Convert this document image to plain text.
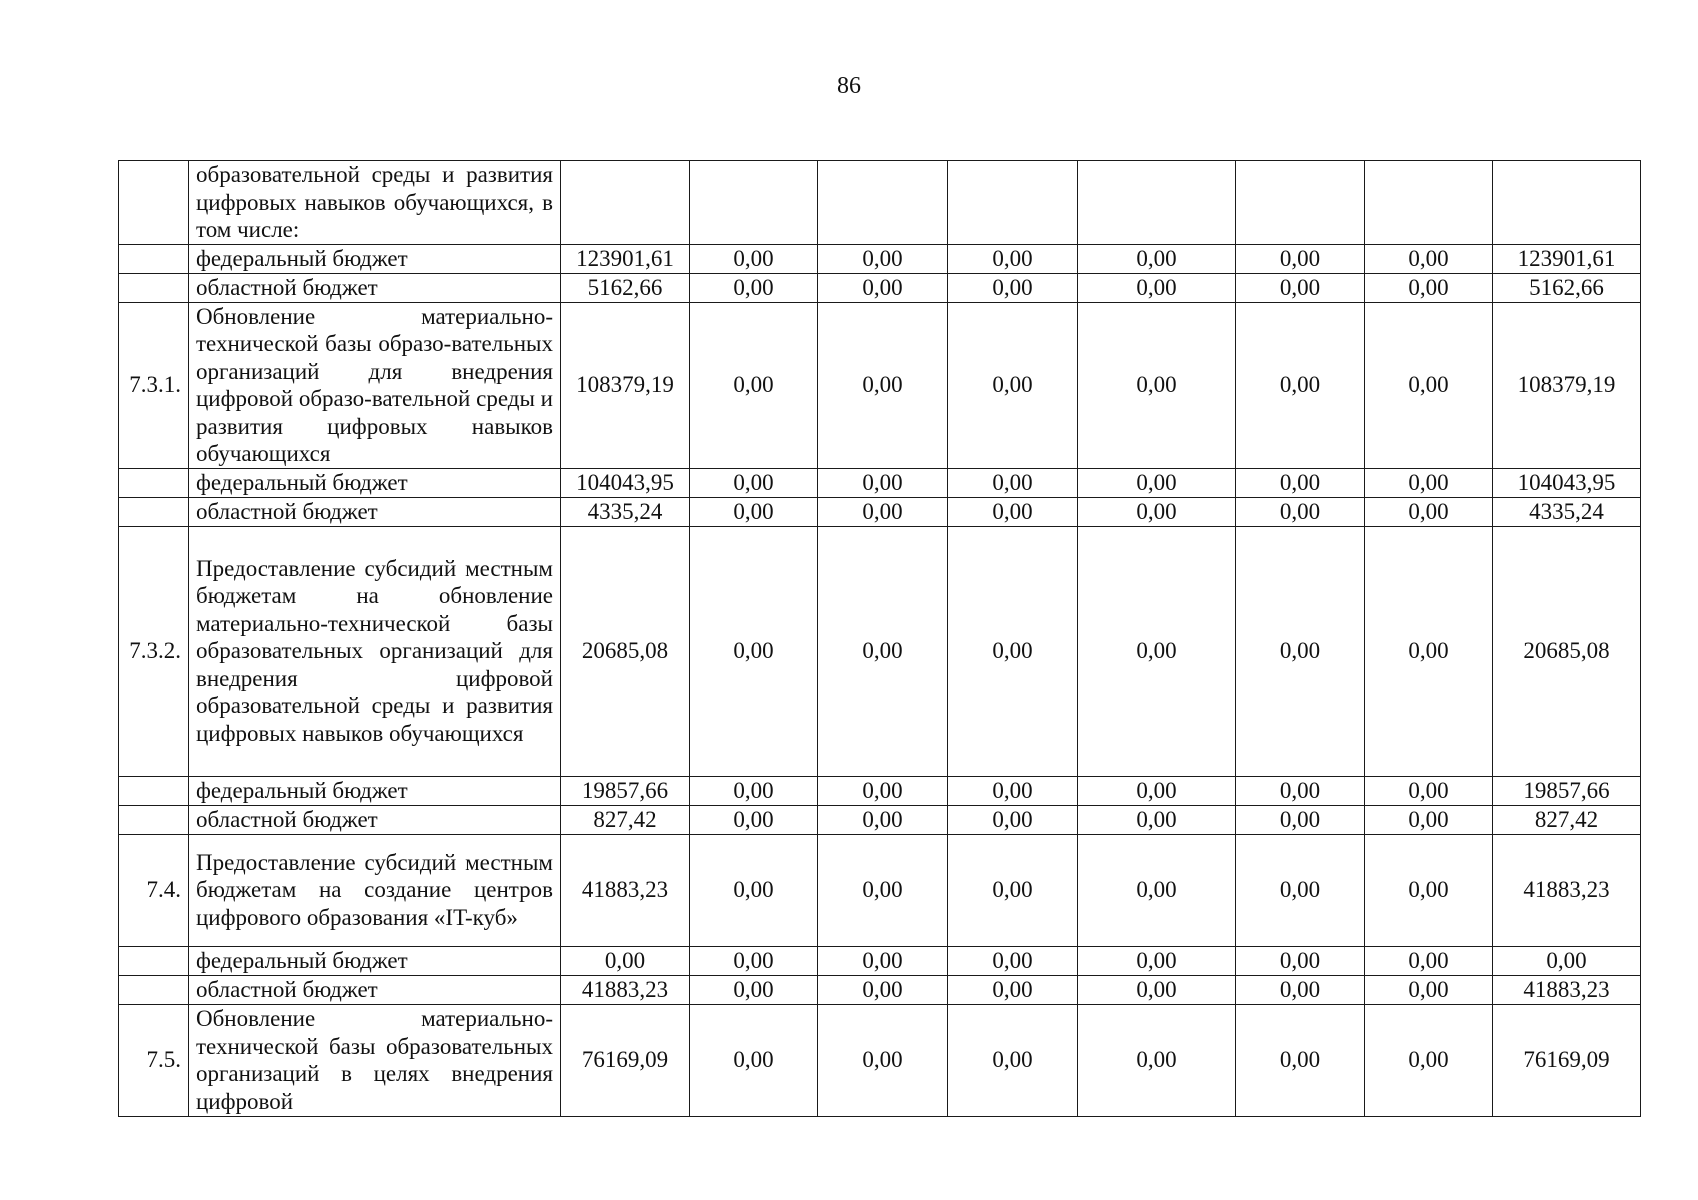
86
	образовательной среды и развития цифровых навыков обучающихся, в том числе:								
	федеральный бюджет	123901,61	0,00	0,00	0,00	0,00	0,00	0,00	123901,61
	областной бюджет	5162,66	0,00	0,00	0,00	0,00	0,00	0,00	5162,66
7.3.1.	Обновление материально-технической базы образо-вательных организаций для внедрения цифровой образо-вательной среды и развития цифровых навыков обучающихся	108379,19	0,00	0,00	0,00	0,00	0,00	0,00	108379,19
	федеральный бюджет	104043,95	0,00	0,00	0,00	0,00	0,00	0,00	104043,95
	областной бюджет	4335,24	0,00	0,00	0,00	0,00	0,00	0,00	4335,24
7.3.2.	Предоставление субсидий местным бюджетам на обновление материально-технической базы образовательных организаций для внедрения цифровой образовательной среды и развития цифровых навыков обучающихся	20685,08	0,00	0,00	0,00	0,00	0,00	0,00	20685,08
	федеральный бюджет	19857,66	0,00	0,00	0,00	0,00	0,00	0,00	19857,66
	областной бюджет	827,42	0,00	0,00	0,00	0,00	0,00	0,00	827,42
7.4.	Предоставление субсидий местным бюджетам на создание центров цифрового образования «IT-куб»	41883,23	0,00	0,00	0,00	0,00	0,00	0,00	41883,23
	федеральный бюджет	0,00	0,00	0,00	0,00	0,00	0,00	0,00	0,00
	областной бюджет	41883,23	0,00	0,00	0,00	0,00	0,00	0,00	41883,23
7.5.	Обновление материально-технической базы образовательных организаций в целях внедрения цифровой	76169,09	0,00	0,00	0,00	0,00	0,00	0,00	76169,09
